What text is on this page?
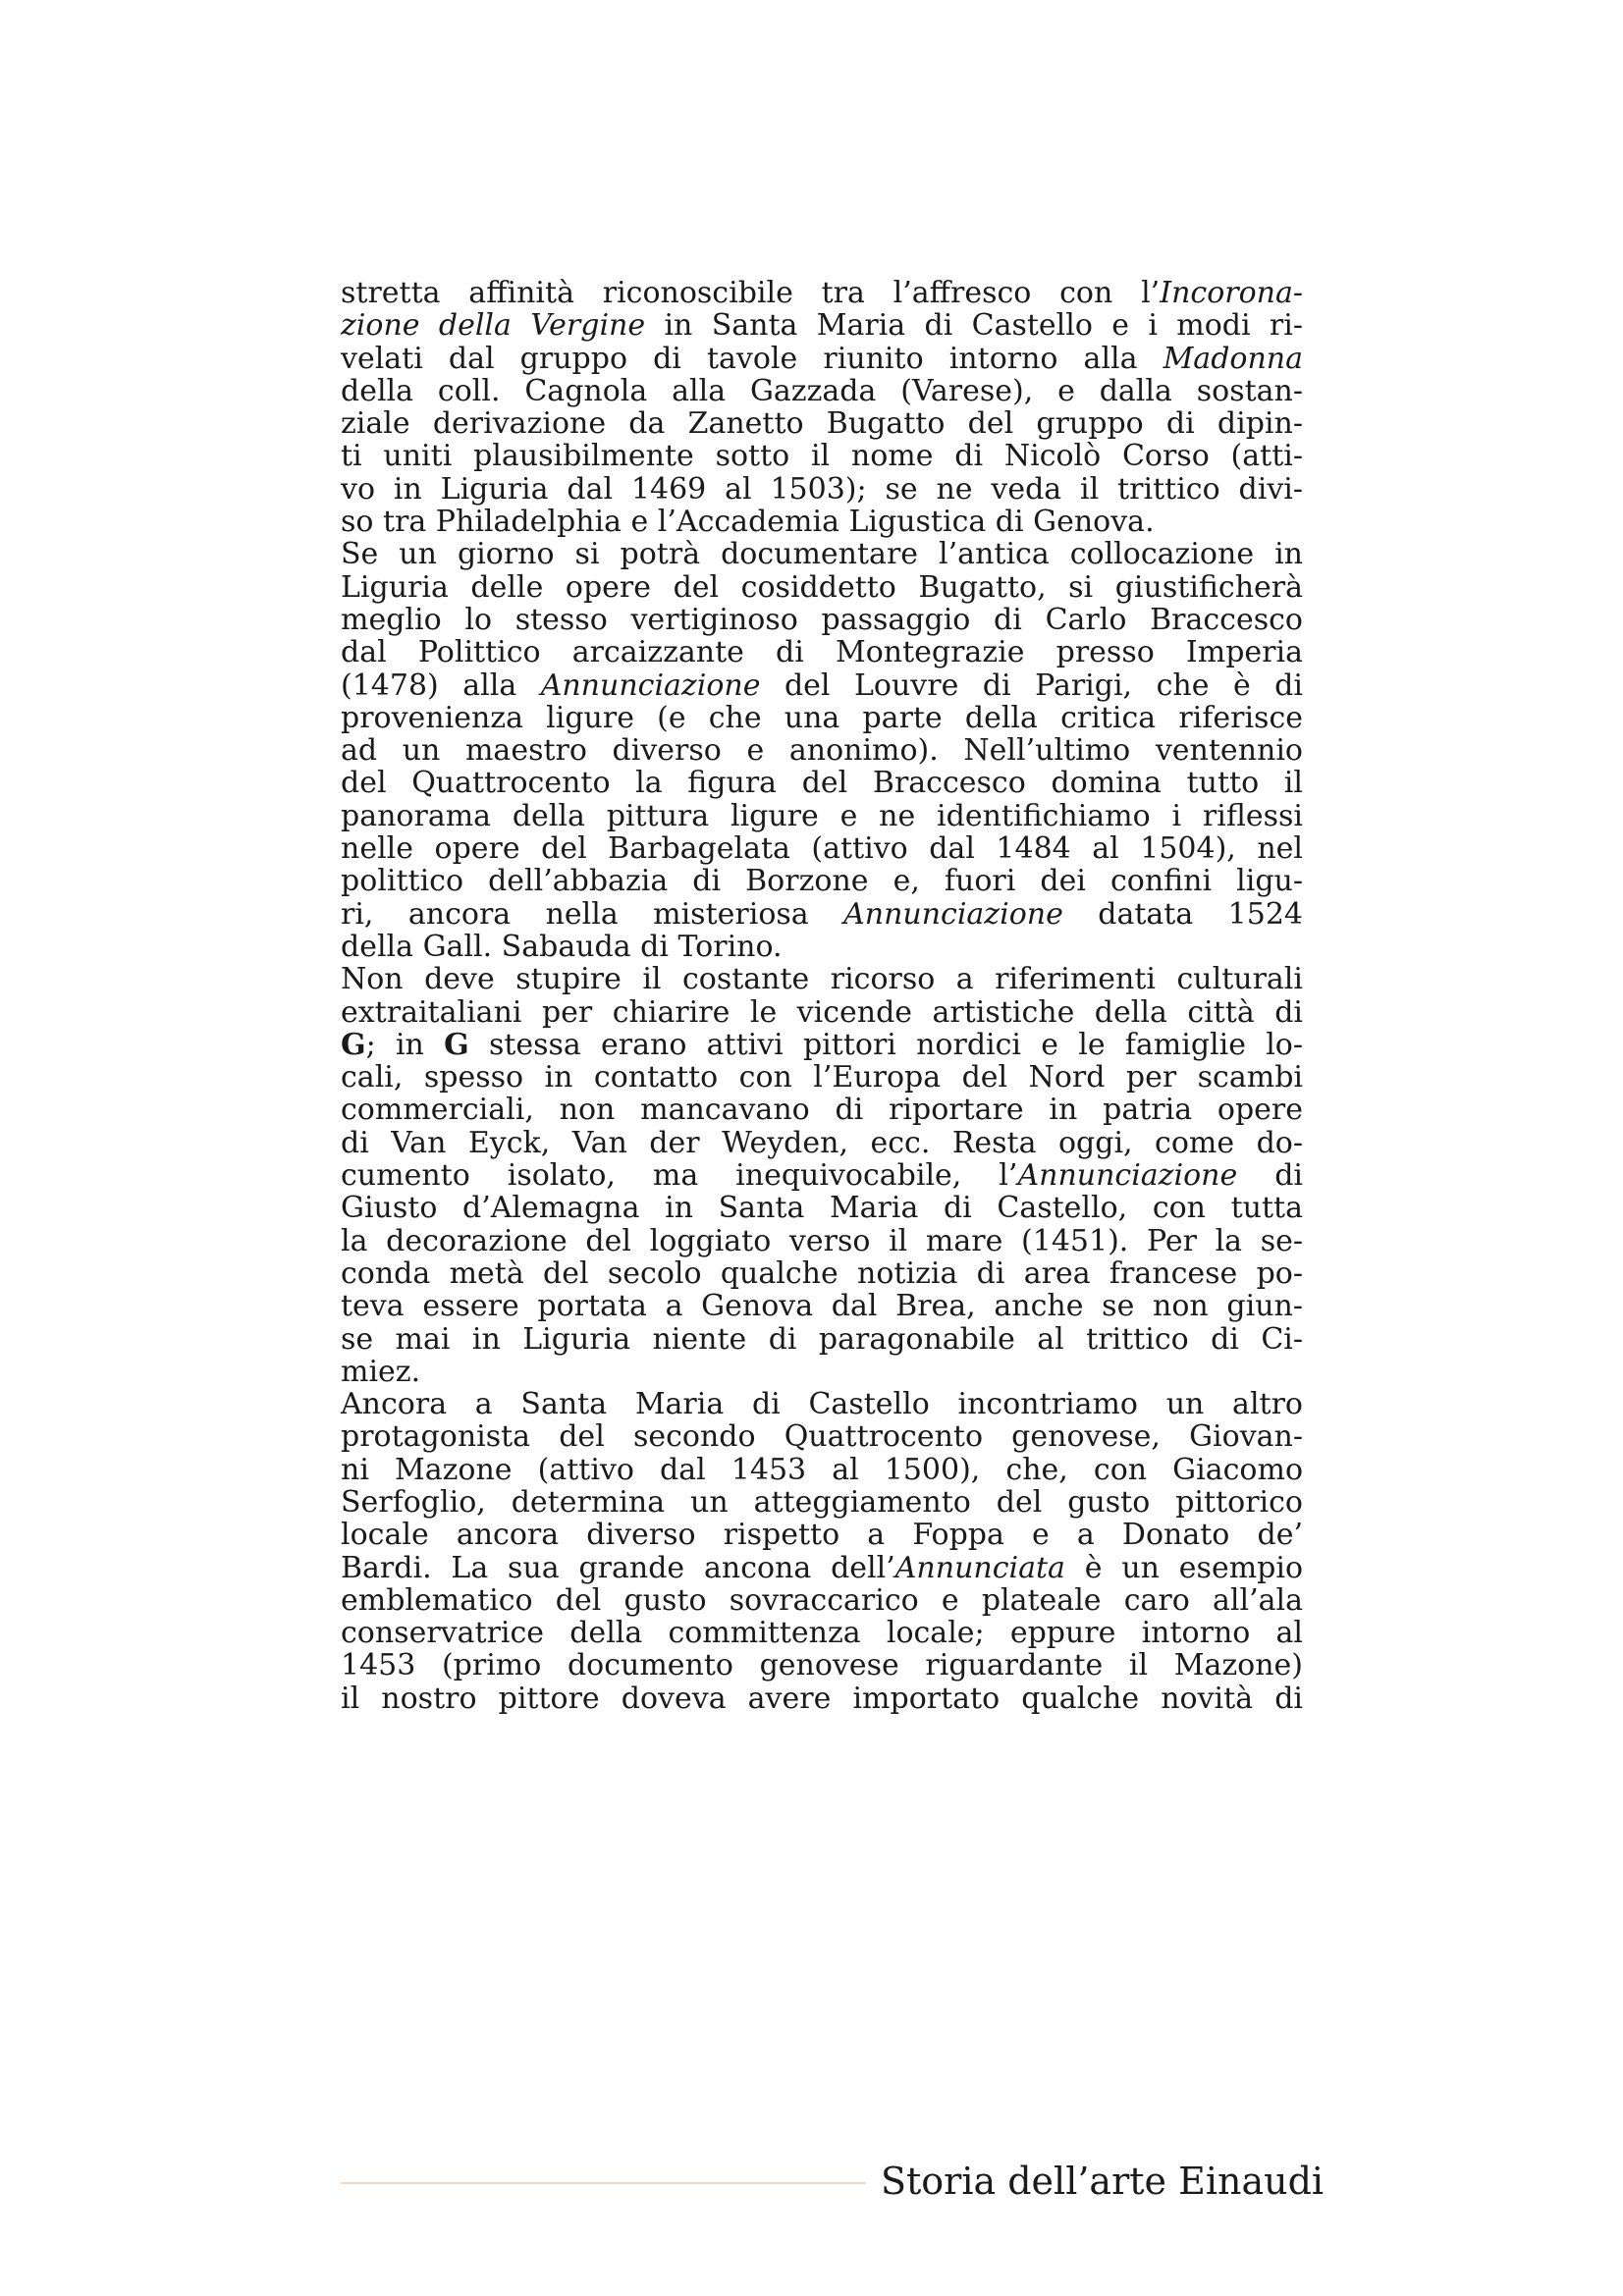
stretta affinità riconoscibile tra l’affresco con l’Incorona-
zione della Vergine in Santa Maria di Castello e i modi ri-
velati dal gruppo di tavole riunito intorno alla Madonna
della coll. Cagnola alla Gazzada (Varese), e dalla sostan-
ziale derivazione da Zanetto Bugatto del gruppo di dipin-
ti uniti plausibilmente sotto il nome di Nicolò Corso (atti-
vo in Liguria dal 1469 al 1503); se ne veda il trittico divi-
so tra Philadelphia e l’Accademia Ligustica di Genova.
Se un giorno si potrà documentare l’antica collocazione in
Liguria delle opere del cosiddetto Bugatto, si giustificherà
meglio lo stesso vertiginoso passaggio di Carlo Braccesco
dal Polittico arcaizzante di Montegrazie presso Imperia
(1478) alla Annunciazione del Louvre di Parigi, che è di
provenienza ligure (e che una parte della critica riferisce
ad un maestro diverso e anonimo). Nell’ultimo ventennio
del Quattrocento la figura del Braccesco domina tutto il
panorama della pittura ligure e ne identifichiamo i riflessi
nelle opere del Barbagelata (attivo dal 1484 al 1504), nel
polittico dell’abbazia di Borzone e, fuori dei confini ligu-
ri, ancora nella misteriosa Annunciazione datata 1524
della Gall. Sabauda di Torino.
Non deve stupire il costante ricorso a riferimenti culturali
extraitaliani per chiarire le vicende artistiche della città di
G; in G stessa erano attivi pittori nordici e le famiglie lo-
cali, spesso in contatto con l’Europa del Nord per scambi
commerciali, non mancavano di riportare in patria opere
di Van Eyck, Van der Weyden, ecc. Resta oggi, come do-
cumento isolato, ma inequivocabile, l’Annunciazione di
Giusto d’Alemagna in Santa Maria di Castello, con tutta
la decorazione del loggiato verso il mare (1451). Per la se-
conda metà del secolo qualche notizia di area francese po-
teva essere portata a Genova dal Brea, anche se non giun-
se mai in Liguria niente di paragonabile al trittico di Ci-
miez.
Ancora a Santa Maria di Castello incontriamo un altro
protagonista del secondo Quattrocento genovese, Giovan-
ni Mazone (attivo dal 1453 al 1500), che, con Giacomo
Serfoglio, determina un atteggiamento del gusto pittorico
locale ancora diverso rispetto a Foppa e a Donato de’
Bardi. La sua grande ancona dell’Annunciata è un esempio
emblematico del gusto sovraccarico e plateale caro all’ala
conservatrice della committenza locale; eppure intorno al
1453 (primo documento genovese riguardante il Mazone)
il nostro pittore doveva avere importato qualche novità di
Storia dell’arte Einaudi
